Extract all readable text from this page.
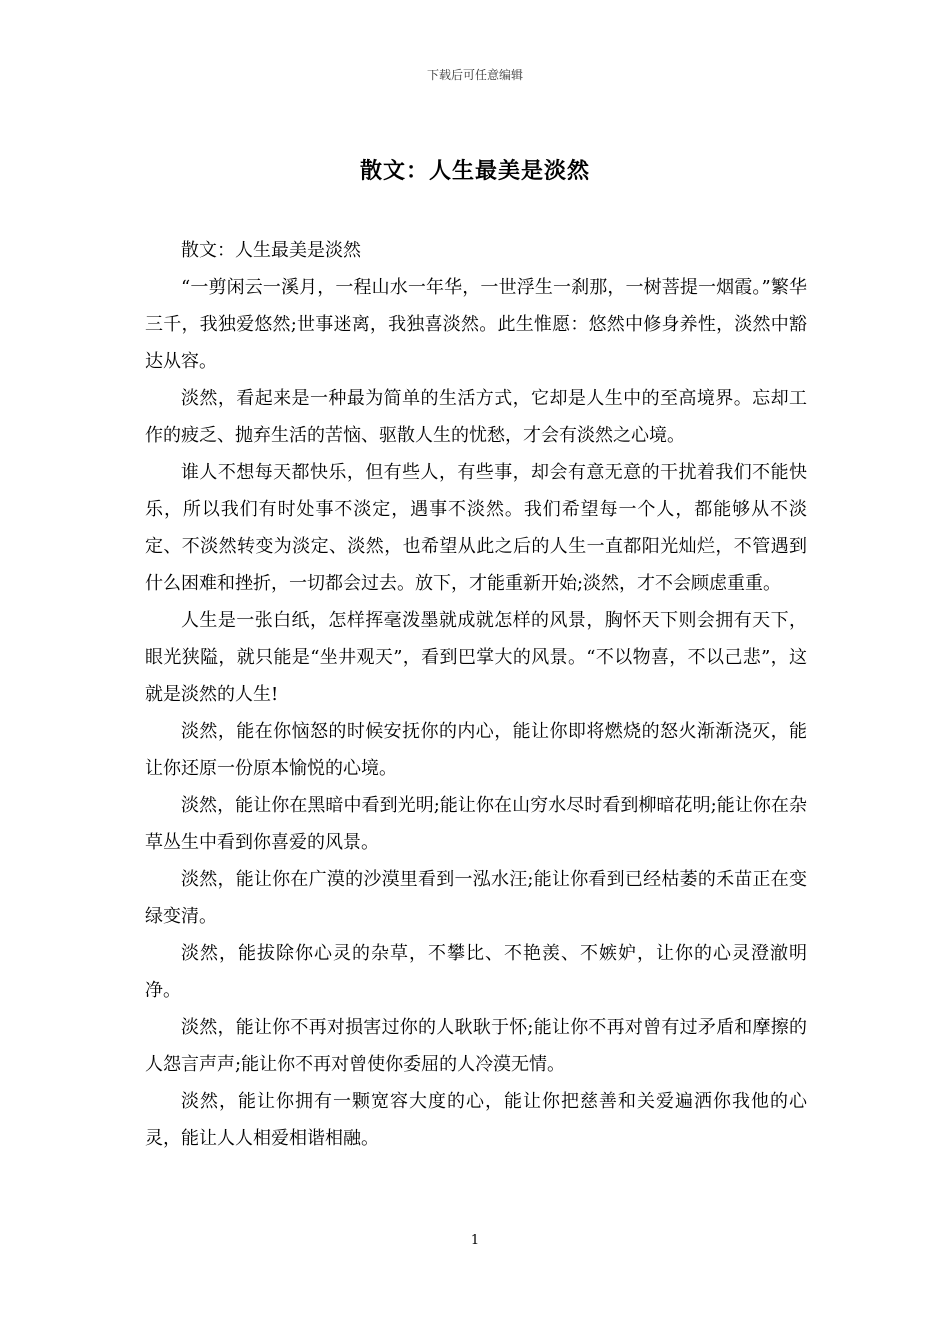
下载后可任意编辑
散文：人生最美是淡然

散文：人生最美是淡然

“一剪闲云一溪月，一程山水一年华，一世浮生一刹那，一树菩提一烟霞。”繁华三千，我独爱悠然;世事迷离，我独喜淡然。此生惟愿：悠然中修身养性，淡然中豁达从容。

淡然，看起来是一种最为简单的生活方式，它却是人生中的至高境界。忘却工作的疲乏、抛弃生活的苦恼、驱散人生的忧愁，才会有淡然之心境。

谁人不想每天都快乐，但有些人，有些事，却会有意无意的干扰着我们不能快乐，所以我们有时处事不淡定，遇事不淡然。我们希望每一个人，都能够从不淡定、不淡然转变为淡定、淡然，也希望从此之后的人生一直都阳光灿烂，不管遇到什么困难和挫折，一切都会过去。放下，才能重新开始;淡然，才不会顾虑重重。

人生是一张白纸，怎样挥毫泼墨就成就怎样的风景，胸怀天下则会拥有天下，眼光狭隘，就只能是“坐井观天”，看到巴掌大的风景。“不以物喜，不以己悲”，这就是淡然的人生!

淡然，能在你恼怒的时候安抚你的内心，能让你即将燃烧的怒火渐渐浇灭，能让你还原一份原本愉悦的心境。

淡然，能让你在黑暗中看到光明;能让你在山穷水尽时看到柳暗花明;能让你在杂草丛生中看到你喜爱的风景。

淡然，能让你在广漠的沙漠里看到一泓水汪;能让你看到已经枯萎的禾苗正在变绿变清。

淡然，能拔除你心灵的杂草，不攀比、不艳羡、不嫉妒，让你的心灵澄澈明净。

淡然，能让你不再对损害过你的人耿耿于怀;能让你不再对曾有过矛盾和摩擦的人怨言声声;能让你不再对曾使你委屈的人冷漠无情。

淡然，能让你拥有一颗宽容大度的心，能让你把慈善和关爱遍洒你我他的心灵，能让人人相爱相谐相融。

1
